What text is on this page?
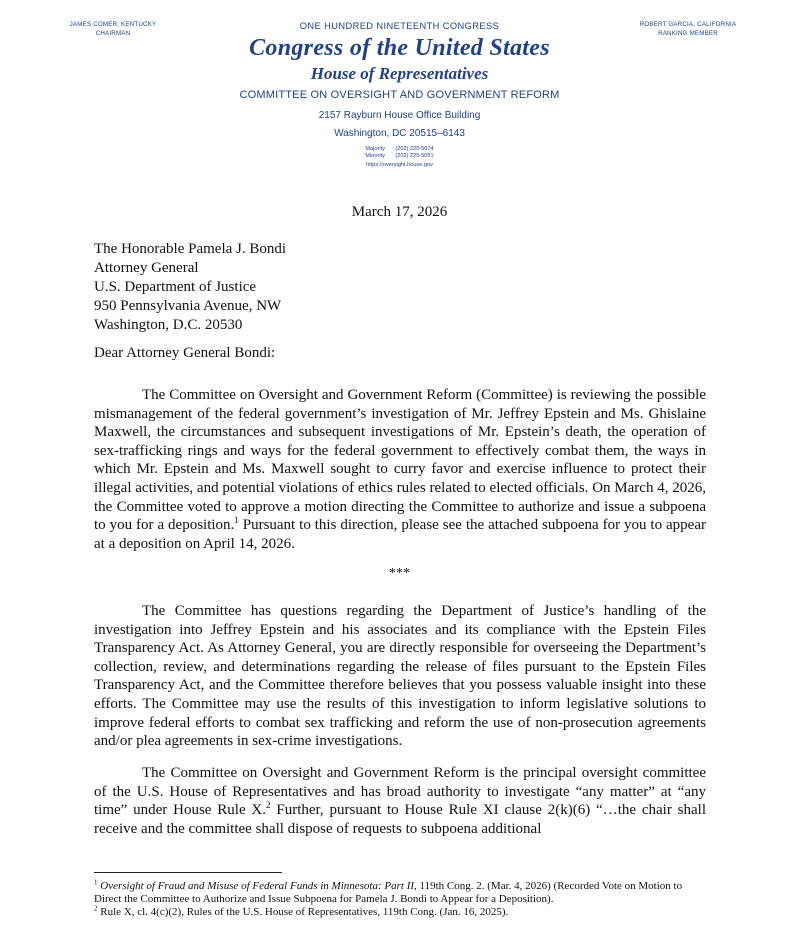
JAMES COMER, KENTUCKY
CHAIRMAN
ROBERT GARCIA, CALIFORNIA
RANKING MEMBER
ONE HUNDRED NINETEENTH CONGRESS
Congress of the United States
House of Representatives
COMMITTEE ON OVERSIGHT AND GOVERNMENT REFORM
2157 Rayburn House Office Building
Washington, DC 20515–6143
Majority (202) 225-5074
Minority (202) 225-5051
https://oversight.house.gov
March 17, 2026
The Honorable Pamela J. Bondi
Attorney General
U.S. Department of Justice
950 Pennsylvania Avenue, NW
Washington, D.C. 20530
Dear Attorney General Bondi:
The Committee on Oversight and Government Reform (Committee) is reviewing the possible mismanagement of the federal government’s investigation of Mr. Jeffrey Epstein and Ms. Ghislaine Maxwell, the circumstances and subsequent investigations of Mr. Epstein’s death, the operation of sex-trafficking rings and ways for the federal government to effectively combat them, the ways in which Mr. Epstein and Ms. Maxwell sought to curry favor and exercise influence to protect their illegal activities, and potential violations of ethics rules related to elected officials. On March 4, 2026, the Committee voted to approve a motion directing the Committee to authorize and issue a subpoena to you for a deposition.$^1$ Pursuant to this direction, please see the attached subpoena for you to appear at a deposition on April 14, 2026.
***
The Committee has questions regarding the Department of Justice’s handling of the investigation into Jeffrey Epstein and his associates and its compliance with the Epstein Files Transparency Act. As Attorney General, you are directly responsible for overseeing the Department’s collection, review, and determinations regarding the release of files pursuant to the Epstein Files Transparency Act, and the Committee therefore believes that you possess valuable insight into these efforts. The Committee may use the results of this investigation to inform legislative solutions to improve federal efforts to combat sex trafficking and reform the use of non-prosecution agreements and/or plea agreements in sex-crime investigations.
The Committee on Oversight and Government Reform is the principal oversight committee of the U.S. House of Representatives and has broad authority to investigate “any matter” at “any time” under House Rule X.$^2$ Further, pursuant to House Rule XI clause 2(k)(6) “…the chair shall receive and the committee shall dispose of requests to subpoena additional
$^1$ Oversight of Fraud and Misuse of Federal Funds in Minnesota: Part II, 119th Cong. 2. (Mar. 4, 2026) (Recorded Vote on Motion to Direct the Committee to Authorize and Issue Subpoena for Pamela J. Bondi to Appear for a Deposition).
$^2$ Rule X, cl. 4(c)(2), Rules of the U.S. House of Representatives, 119th Cong. (Jan. 16, 2025).
